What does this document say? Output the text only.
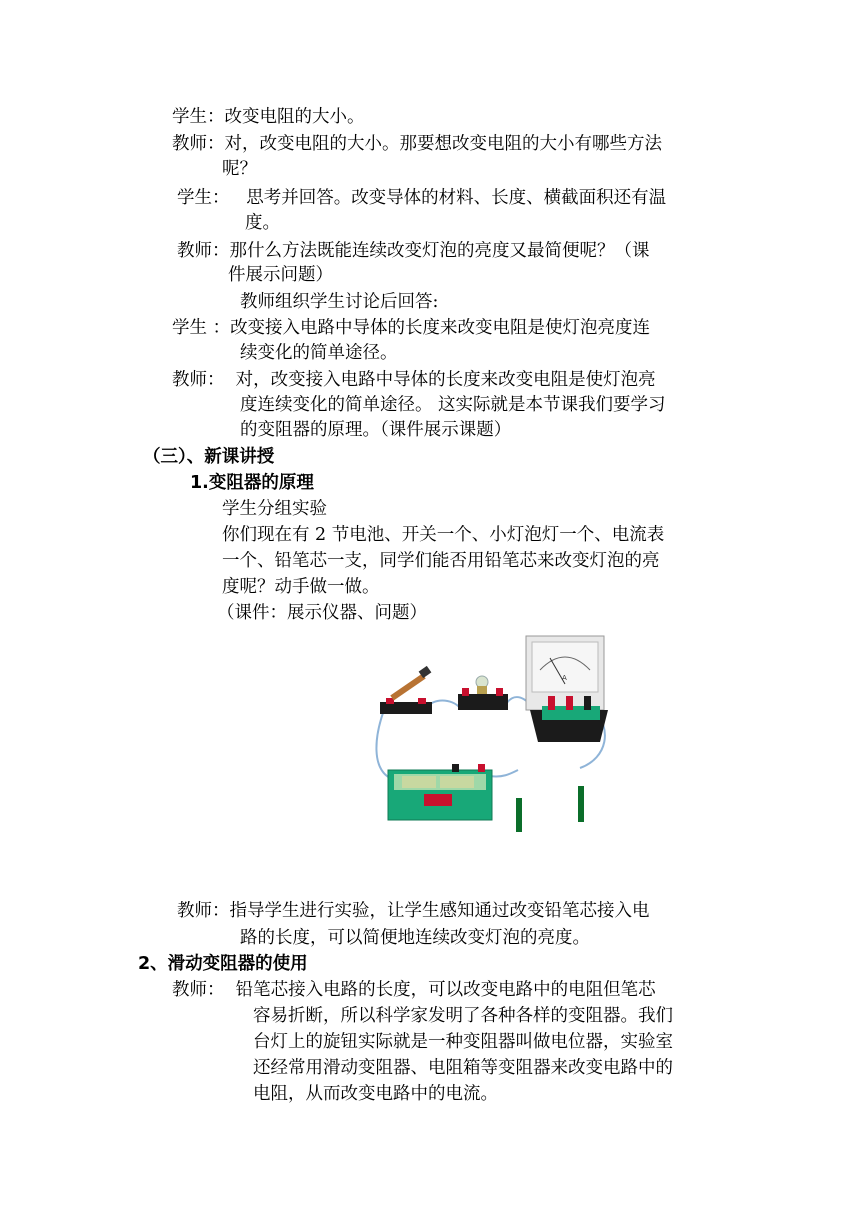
学生：改变电阻的大小。
教师：对，改变电阻的大小。那要想改变电阻的大小有哪些方法
呢？
学生：   思考并回答。改变导体的材料、长度、横截面积还有温
度。
教师：那什么方法既能连续改变灯泡的亮度又最简便呢？（课
件展示问题）
教师组织学生讨论后回答:
学生 ：改变接入电路中导体的长度来改变电阻是使灯泡亮度连
续变化的简单途径。
教师：  对，改变接入电路中导体的长度来改变电阻是使灯泡亮
度连续变化的简单途径。 这实际就是本节课我们要学习
的变阻器的原理。（课件展示课题）
（三）、新课讲授
1.变阻器的原理
学生分组实验
你们现在有 2 节电池、开关一个、小灯泡灯一个、电流表
一个、铅笔芯一支，同学们能否用铅笔芯来改变灯泡的亮
度呢？动手做一做。
（课件：展示仪器、问题）
A
教师：指导学生进行实验，让学生感知通过改变铅笔芯接入电
路的长度，可以简便地连续改变灯泡的亮度。
2、滑动变阻器的使用
教师：  铅笔芯接入电路的长度，可以改变电路中的电阻但笔芯
容易折断，所以科学家发明了各种各样的变阻器。我们
台灯上的旋钮实际就是一种变阻器叫做电位器，实验室
还经常用滑动变阻器、电阻箱等变阻器来改变电路中的
电阻，从而改变电路中的电流。
